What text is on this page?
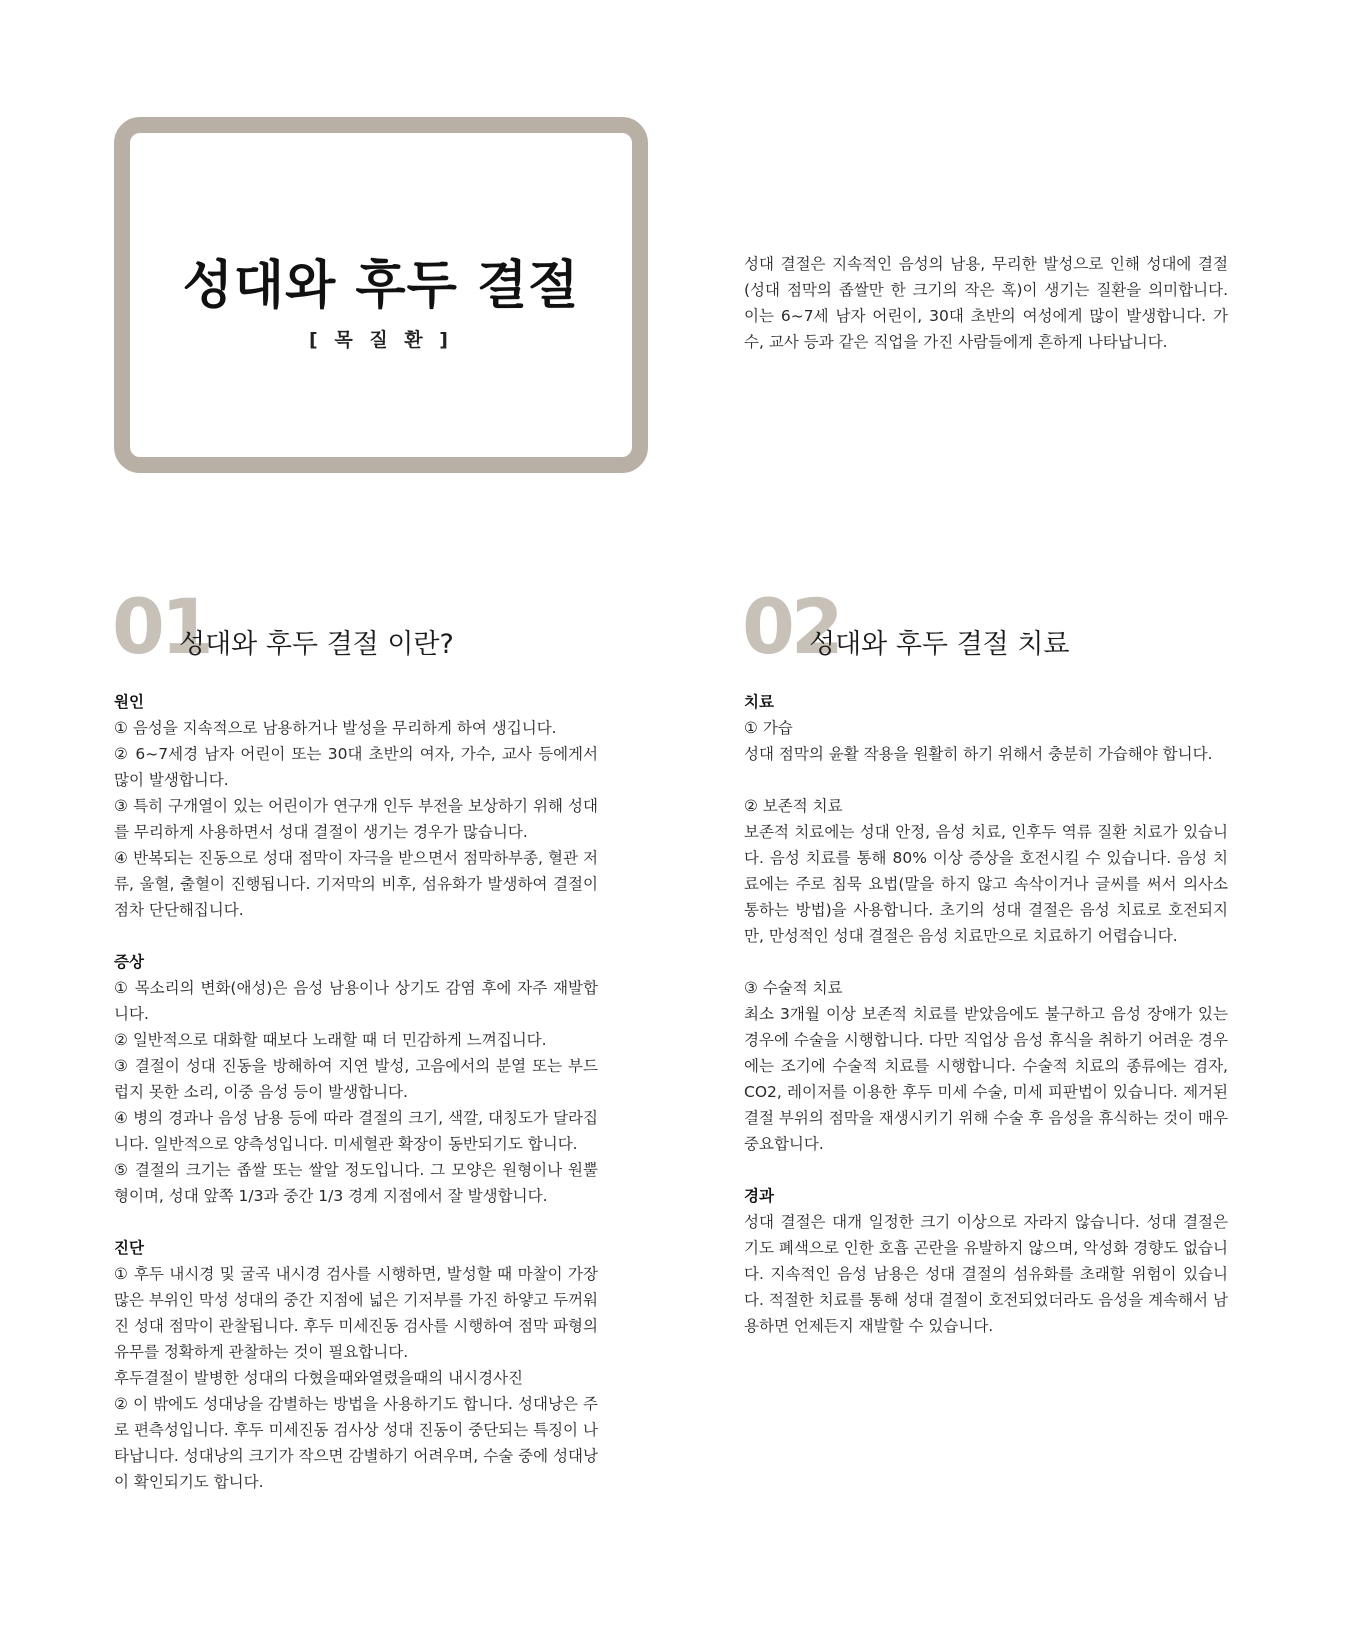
성대와 후두 결절
[ 목 질 환 ]

성대 결절은 지속적인 음성의 남용, 무리한 발성으로 인해 성대에 결절(성대 점막의 좁쌀만 한 크기의 작은 혹)이 생기는 질환을 의미합니다. 이는 6~7세 남자 어린이, 30대 초반의 여성에게 많이 발생합니다. 가수, 교사 등과 같은 직업을 가진 사람들에게 흔하게 나타납니다.

01
성대와 후두 결절 이란?
원인

① 음성을 지속적으로 남용하거나 발성을 무리하게 하여 생깁니다.

② 6~7세경 남자 어린이 또는 30대 초반의 여자, 가수, 교사 등에게서 많이 발생합니다.

③ 특히 구개열이 있는 어린이가 연구개 인두 부전을 보상하기 위해 성대를 무리하게 사용하면서 성대 결절이 생기는 경우가 많습니다.

④ 반복되는 진동으로 성대 점막이 자극을 받으면서 점막하부종, 혈관 저류, 울혈, 출혈이 진행됩니다. 기저막의 비후, 섬유화가 발생하여 결절이 점차 단단해집니다.

증상

① 목소리의 변화(애성)은 음성 남용이나 상기도 감염 후에 자주 재발합니다.

② 일반적으로 대화할 때보다 노래할 때 더 민감하게 느껴집니다.

③ 결절이 성대 진동을 방해하여 지연 발성, 고음에서의 분열 또는 부드럽지 못한 소리, 이중 음성 등이 발생합니다.

④ 병의 경과나 음성 남용 등에 따라 결절의 크기, 색깔, 대칭도가 달라집니다. 일반적으로 양측성입니다. 미세혈관 확장이 동반되기도 합니다.

⑤ 결절의 크기는 좁쌀 또는 쌀알 정도입니다. 그 모양은 원형이나 원뿔형이며, 성대 앞쪽 1/3과 중간 1/3 경계 지점에서 잘 발생합니다.

진단

① 후두 내시경 및 굴곡 내시경 검사를 시행하면, 발성할 때 마찰이 가장 많은 부위인 막성 성대의 중간 지점에 넓은 기저부를 가진 하얗고 두꺼워진 성대 점막이 관찰됩니다. 후두 미세진동 검사를 시행하여 점막 파형의 유무를 정확하게 관찰하는 것이 필요합니다.

후두결절이 발병한 성대의 다혔을때와열렸을때의 내시경사진

② 이 밖에도 성대낭을 감별하는 방법을 사용하기도 합니다. 성대낭은 주로 편측성입니다. 후두 미세진동 검사상 성대 진동이 중단되는 특징이 나타납니다. 성대낭의 크기가 작으면 감별하기 어려우며, 수술 중에 성대낭이 확인되기도 합니다.

02
성대와 후두 결절 치료
치료
① 가습

성대 점막의 윤활 작용을 원활히 하기 위해서 충분히 가습해야 합니다.

② 보존적 치료

보존적 치료에는 성대 안정, 음성 치료, 인후두 역류 질환 치료가 있습니다. 음성 치료를 통해 80% 이상 증상을 호전시킬 수 있습니다. 음성 치료에는 주로 침묵 요법(말을 하지 않고 속삭이거나 글씨를 써서 의사소통하는 방법)을 사용합니다. 초기의 성대 결절은 음성 치료로 호전되지만, 만성적인 성대 결절은 음성 치료만으로 치료하기 어렵습니다.

③ 수술적 치료

최소 3개월 이상 보존적 치료를 받았음에도 불구하고 음성 장애가 있는 경우에 수술을 시행합니다. 다만 직업상 음성 휴식을 취하기 어려운 경우에는 조기에 수술적 치료를 시행합니다. 수술적 치료의 종류에는 겸자, CO2, 레이저를 이용한 후두 미세 수술, 미세 피판법이 있습니다. 제거된 결절 부위의 점막을 재생시키기 위해 수술 후 음성을 휴식하는 것이 매우 중요합니다.

경과

성대 결절은 대개 일정한 크기 이상으로 자라지 않습니다. 성대 결절은 기도 폐색으로 인한 호흡 곤란을 유발하지 않으며, 악성화 경향도 없습니다. 지속적인 음성 남용은 성대 결절의 섬유화를 초래할 위험이 있습니다. 적절한 치료를 통해 성대 결절이 호전되었더라도 음성을 계속해서 남용하면 언제든지 재발할 수 있습니다.
